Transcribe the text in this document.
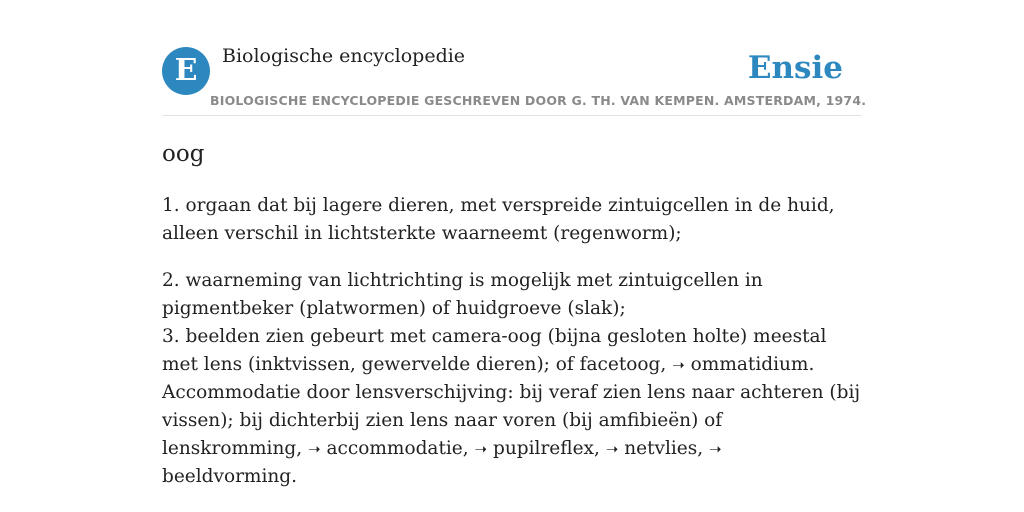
E	Biologische encyclopedie	Ensie
BIOLOGISCHE ENCYCLOPEDIE GESCHREVEN DOOR G. TH. VAN KEMPEN. AMSTERDAM, 1974.
oog

1. orgaan dat bij lagere dieren, met verspreide zintuigcellen in de huid, alleen verschil in lichtsterkte waarneemt (regenworm);

2. waarneming van lichtrichting is mogelijk met zintuigcellen in pigmentbeker (platwormen) of huidgroeve (slak);

3. beelden zien gebeurt met camera-oog (bijna gesloten holte) meestal met lens (inktvissen, gewervelde dieren); of facetoog, ➝ ommatidium. Accommodatie door lensverschijving: bij veraf zien lens naar achteren (bij vissen); bij dichterbij zien lens naar voren (bij amfibieën) of lenskromming, ➝ accommodatie, ➝ pupilreflex, ➝ netvlies, ➝ beeldvorming.
